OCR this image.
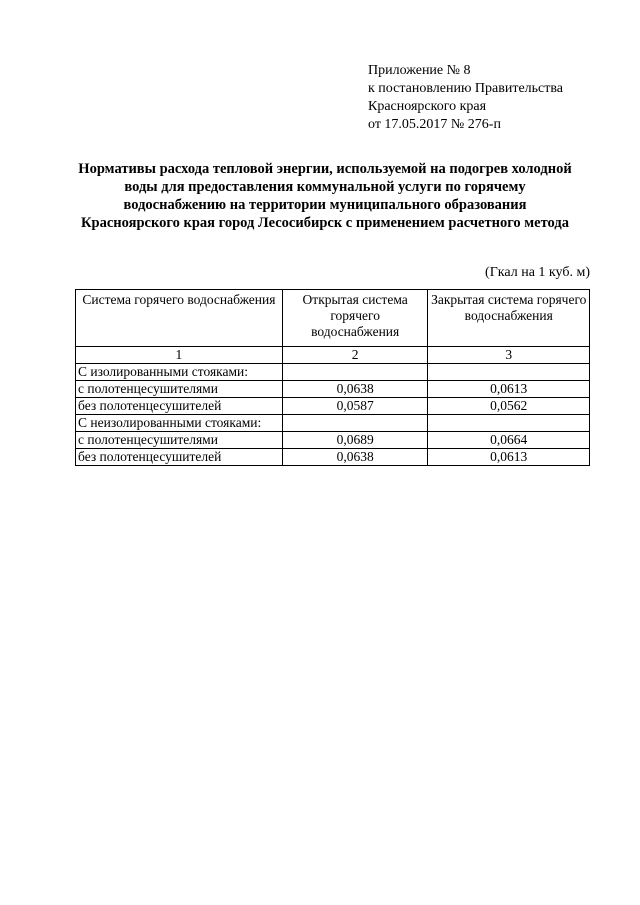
Приложение № 8
к постановлению Правительства
Красноярского края
от 17.05.2017 № 276-п
Нормативы расхода тепловой энергии, используемой на подогрев холодной
воды для предоставления коммунальной услуги по горячему
водоснабжению на территории муниципального образования
Красноярского края город Лесосибирск с применением расчетного метода
(Гкал на 1 куб. м)
Система горячего водоснабжения	Открытая система горячего водоснабжения	Закрытая система горячего водоснабжения
1	2	3
С изолированными стояками:		
с полотенцесушителями	0,0638	0,0613
без полотенцесушителей	0,0587	0,0562
С неизолированными стояками:		
с полотенцесушителями	0,0689	0,0664
без полотенцесушителей	0,0638	0,0613
